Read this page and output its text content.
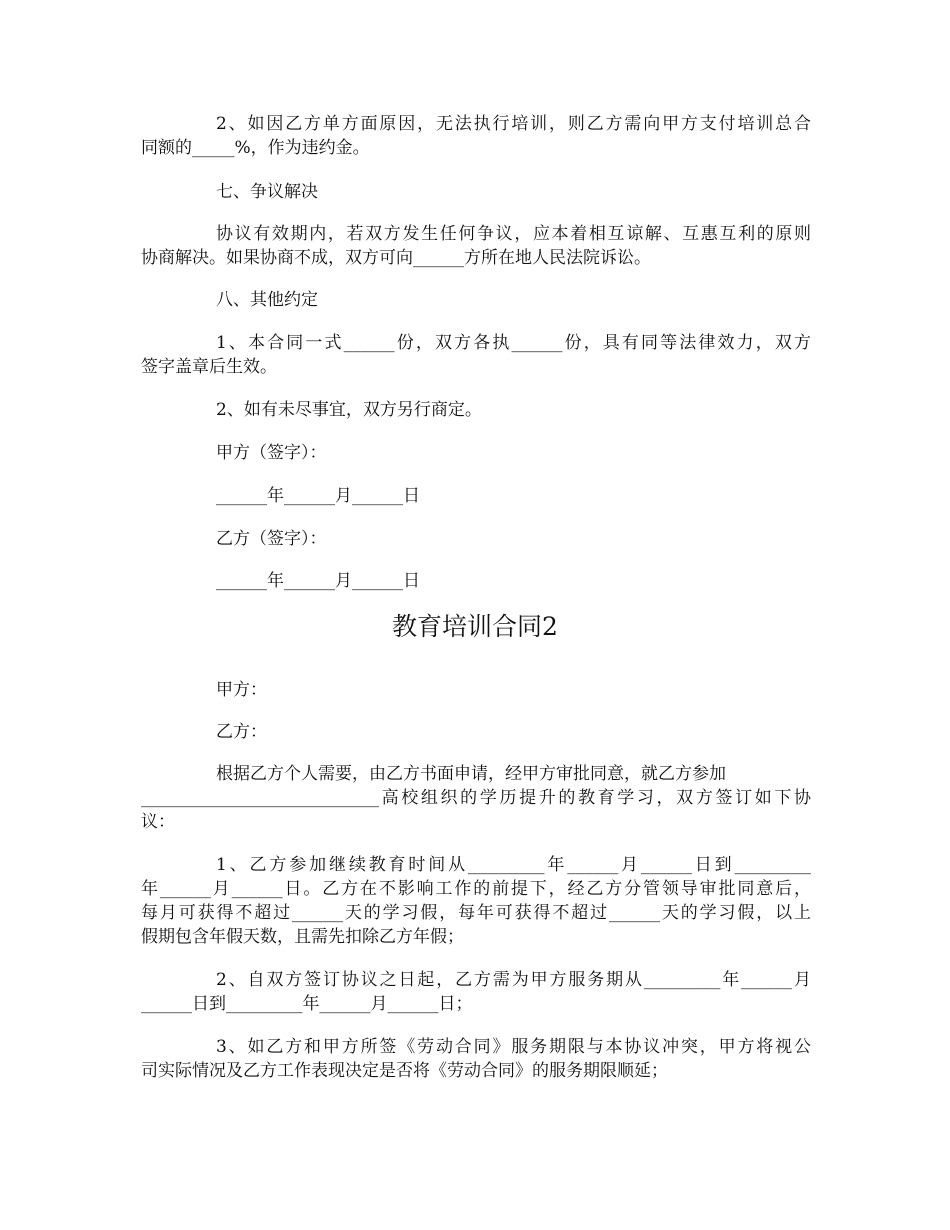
2、如因乙方单方面原因，无法执行培训，则乙方需向甲方支付培训总合
同额的_____%，作为违约金。
七、争议解决
协议有效期内，若双方发生任何争议，应本着相互谅解、互惠互利的原则
协商解决。如果协商不成，双方可向______方所在地人民法院诉讼。
八、其他约定
1、本合同一式______份，双方各执______份，具有同等法律效力，双方
签字盖章后生效。
2、如有未尽事宜，双方另行商定。
甲方（签字）：
______年______月______日
乙方（签字）：
______年______月______日
教育培训合同2
甲方：
乙方：
根据乙方个人需要，由乙方书面申请，经甲方审批同意，就乙方参加
____________________________高校组织的学历提升的教育学习，双方签订如下协
议：
1、乙方参加继续教育时间从_________年______月______日到_________
年______月______日。乙方在不影响工作的前提下，经乙方分管领导审批同意后，
每月可获得不超过______天的学习假，每年可获得不超过______天的学习假，以上
假期包含年假天数，且需先扣除乙方年假；
2、自双方签订协议之日起，乙方需为甲方服务期从_________年______月
______日到_________年______月______日；
3、如乙方和甲方所签《劳动合同》服务期限与本协议冲突，甲方将视公
司实际情况及乙方工作表现决定是否将《劳动合同》的服务期限顺延；
